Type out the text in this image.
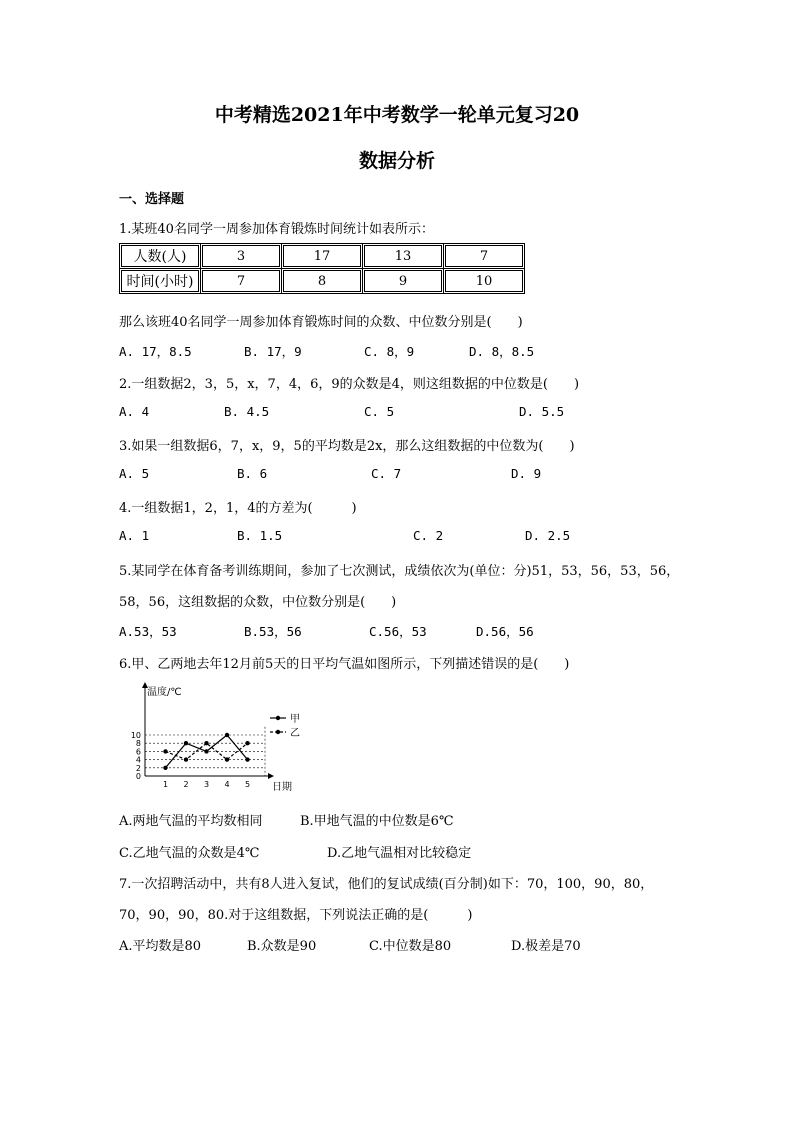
中考精选2021年中考数学一轮单元复习20
数据分析
一、选择题
1.某班40名同学一周参加体育锻炼时间统计如表所示：
人数(人)	3	17	13	7
时间(小时)	7	8	9	10
那么该班40名同学一周参加体育锻炼时间的众数、中位数分别是(　　)
A. 17，8.5	B. 17，9	C. 8，9	D. 8，8.5
2.一组数据2，3，5，x，7，4，6，9的众数是4，则这组数据的中位数是(　　)
A. 4	B. 4.5	C. 5	D. 5.5
3.如果一组数据6，7，x，9，5的平均数是2x，那么这组数据的中位数为(　　)
A. 5	B. 6	C. 7	D. 9
4.一组数据1，2，1，4的方差为(　　　)
A. 1	B. 1.5	C. 2	D. 2.5
5.某同学在体育备考训练期间，参加了七次测试，成绩依次为(单位：分)51，53，56，53，56，
58，56，这组数据的众数，中位数分别是(　　)
A.53，53	B.53，56	C.56，53	D.56，56
6.甲、乙两地去年12月前5天的日平均气温如图所示，下列描述错误的是(　　)
温度/℃
日期
0
2
4
6
8
10
1 2 3 4 5
甲
乙
A.两地气温的平均数相同	B.甲地气温的中位数是6℃
C.乙地气温的众数是4℃	D.乙地气温相对比较稳定
7.一次招聘活动中，共有8人进入复试，他们的复试成绩(百分制)如下：70，100，90，80，
70，90，90，80.对于这组数据，下列说法正确的是(　　　)
A.平均数是80	B.众数是90	C.中位数是80	D.极差是70
